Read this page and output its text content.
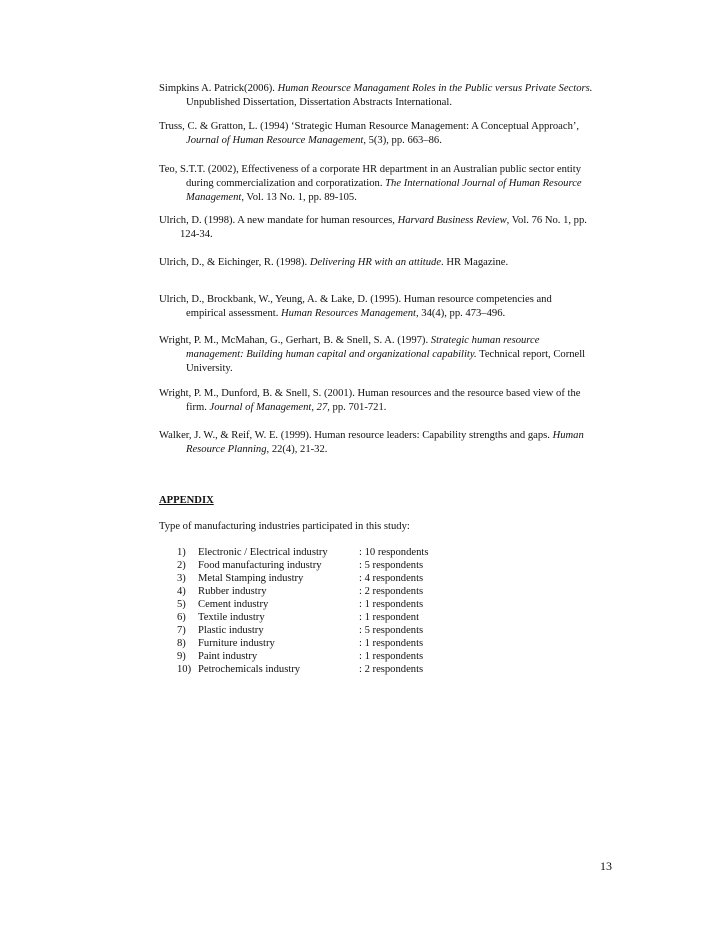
Simpkins A. Patrick(2006). Human Reoursce Managament Roles in the Public versus Private Sectors.
Unpublished Dissertation, Dissertation Abstracts International.
Truss, C. & Gratton, L. (1994) ‘Strategic Human Resource Management: A Conceptual Approach’,
Journal of Human Resource Management, 5(3), pp. 663–86.
Teo, S.T.T. (2002), Effectiveness of a corporate HR department in an Australian public sector entity
during commercialization and corporatization. The International Journal of Human Resource
Management, Vol. 13 No. 1, pp. 89-105.
Ulrich, D. (1998). A new mandate for human resources, Harvard Business Review, Vol. 76 No. 1, pp.
124-34.
Ulrich, D., & Eichinger, R. (1998). Delivering HR with an attitude. HR Magazine.
Ulrich, D., Brockbank, W., Yeung, A. & Lake, D. (1995). Human resource competencies and
empirical assessment. Human Resources Management, 34(4), pp. 473–496.
Wright, P. M., McMahan, G., Gerhart, B. & Snell, S. A. (1997). Strategic human resource
management: Building human capital and organizational capability. Technical report, Cornell
University.
Wright, P. M., Dunford, B. & Snell, S. (2001). Human resources and the resource based view of the
firm. Journal of Management, 27, pp. 701-721.
Walker, J. W., & Reif, W. E. (1999). Human resource leaders: Capability strengths and gaps. Human
Resource Planning, 22(4), 21-32.
APPENDIX
Type of manufacturing industries participated in this study:
1)	Electronic / Electrical industry	: 10 respondents
2)	Food manufacturing industry	: 5 respondents
3)	Metal Stamping industry	: 4 respondents
4)	Rubber industry	: 2 respondents
5)	Cement industry	: 1 respondents
6)	Textile industry	: 1 respondent
7)	Plastic industry	: 5 respondents
8)	Furniture industry	: 1 respondents
9)	Paint industry	: 1 respondents
10) Petrochemicals industry	: 2 respondents
13
